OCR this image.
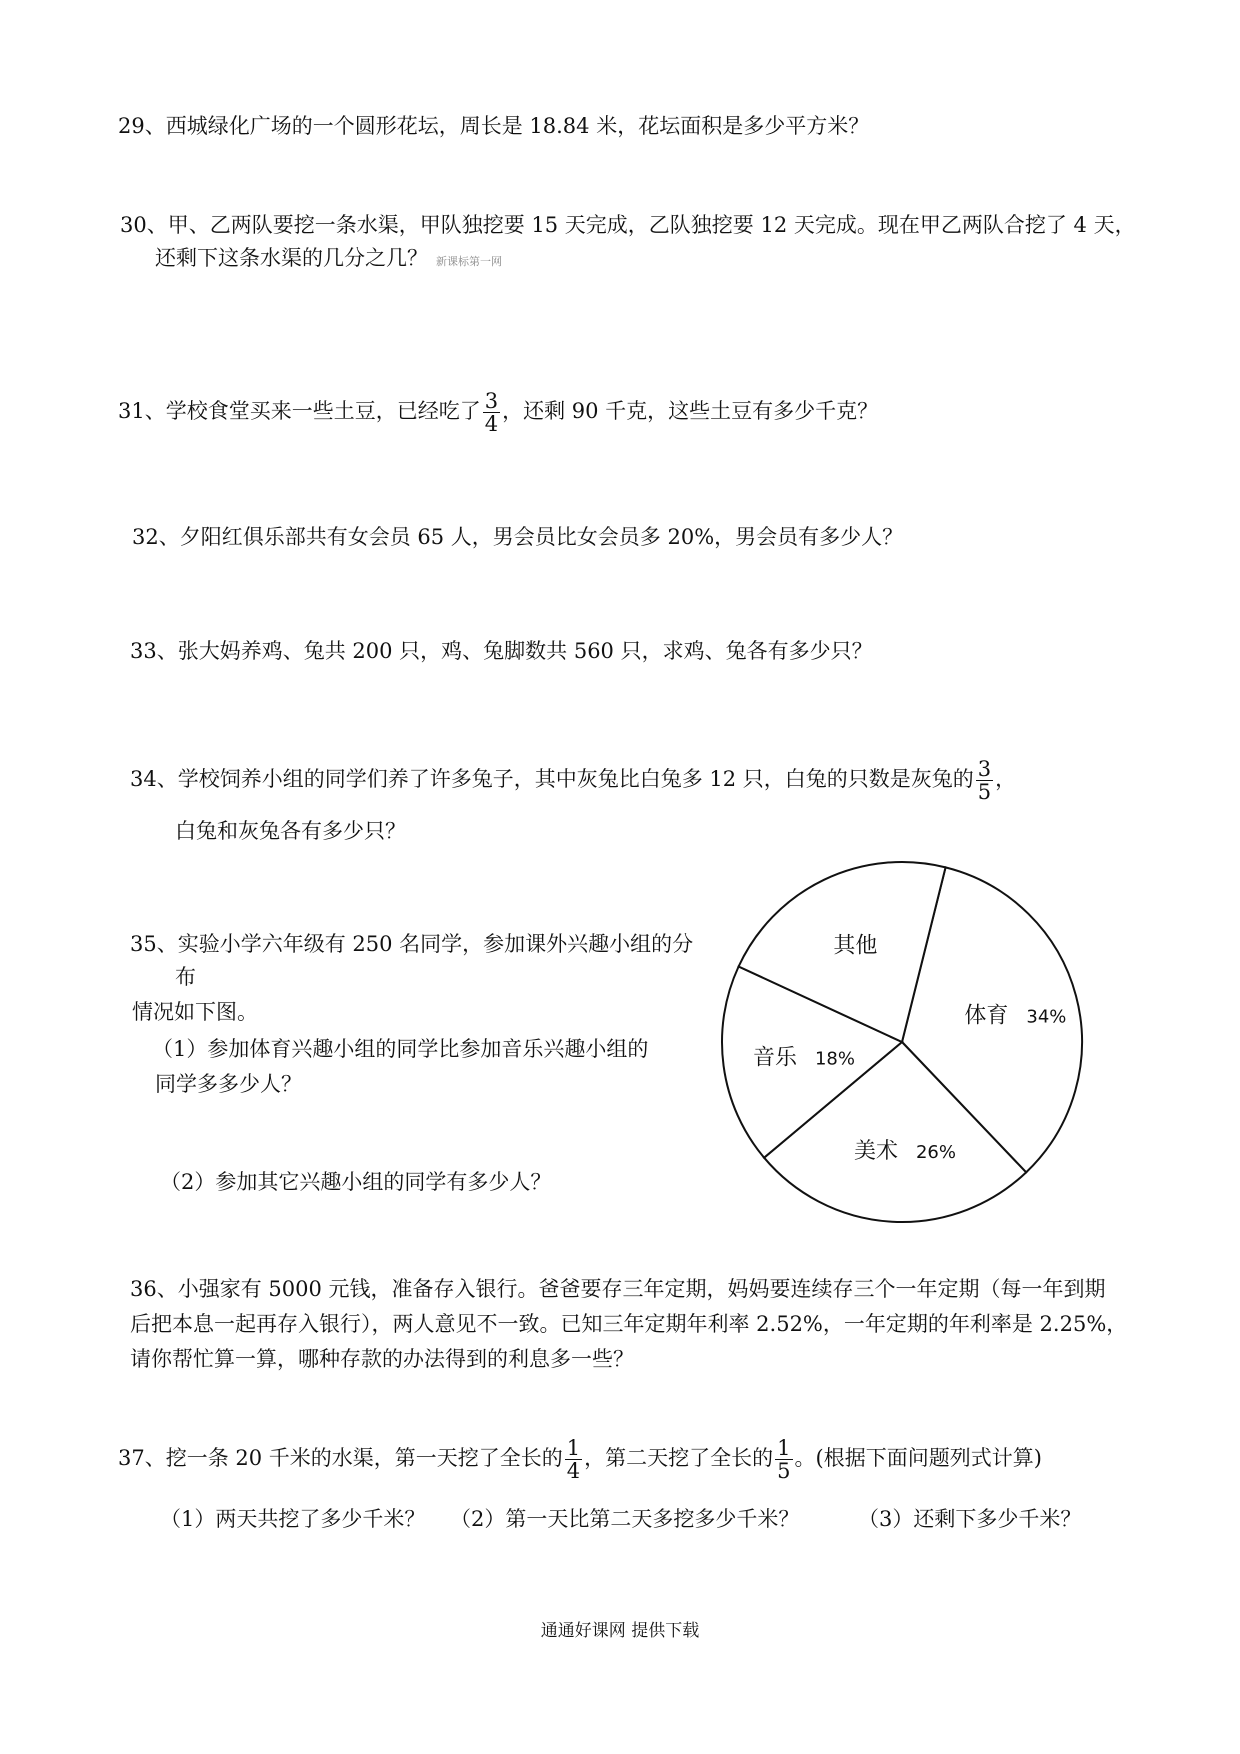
29、西城绿化广场的一个圆形花坛，周长是 18.84 米，花坛面积是多少平方米？
30、甲、乙两队要挖一条水渠，甲队独挖要 15 天完成，乙队独挖要 12 天完成。现在甲乙两队合挖了 4 天，
还剩下这条水渠的几分之几？ 新课标第一网
31、学校食堂买来一些土豆，已经吃了 $\frac{3}{4}$ ，还剩 90 千克，这些土豆有多少千克？
32、夕阳红俱乐部共有女会员 65 人，男会员比女会员多 20%，男会员有多少人？
33、张大妈养鸡、兔共 200 只，鸡、兔脚数共 560 只，求鸡、兔各有多少只？
34、学校饲养小组的同学们养了许多兔子，其中灰兔比白兔多 12 只，白兔的只数是灰兔的 $\frac{3}{5}$ ，
白兔和灰兔各有多少只？
35、实验小学六年级有 250 名同学，参加课外兴趣小组的分
布
情况如下图。
（1）参加体育兴趣小组的同学比参加音乐兴趣小组的
同学多多少人？
（2）参加其它兴趣小组的同学有多少人？
体育 34%
美术 26%
音乐 18%
其他
36、小强家有 5000 元钱，准备存入银行。爸爸要存三年定期，妈妈要连续存三个一年定期（每一年到期
后把本息一起再存入银行），两人意见不一致。已知三年定期年利率 2.52%，一年定期的年利率是 2.25%，
请你帮忙算一算，哪种存款的办法得到的利息多一些？
37、挖一条 20 千米的水渠，第一天挖了全长的 $\frac{1}{4}$ ，第二天挖了全长的 $\frac{1}{5}$ 。(根据下面问题列式计算)
（1）两天共挖了多少千米？ （2）第一天比第二天多挖多少千米？	（3）还剩下多少千米？
通通好课网 提供下载
